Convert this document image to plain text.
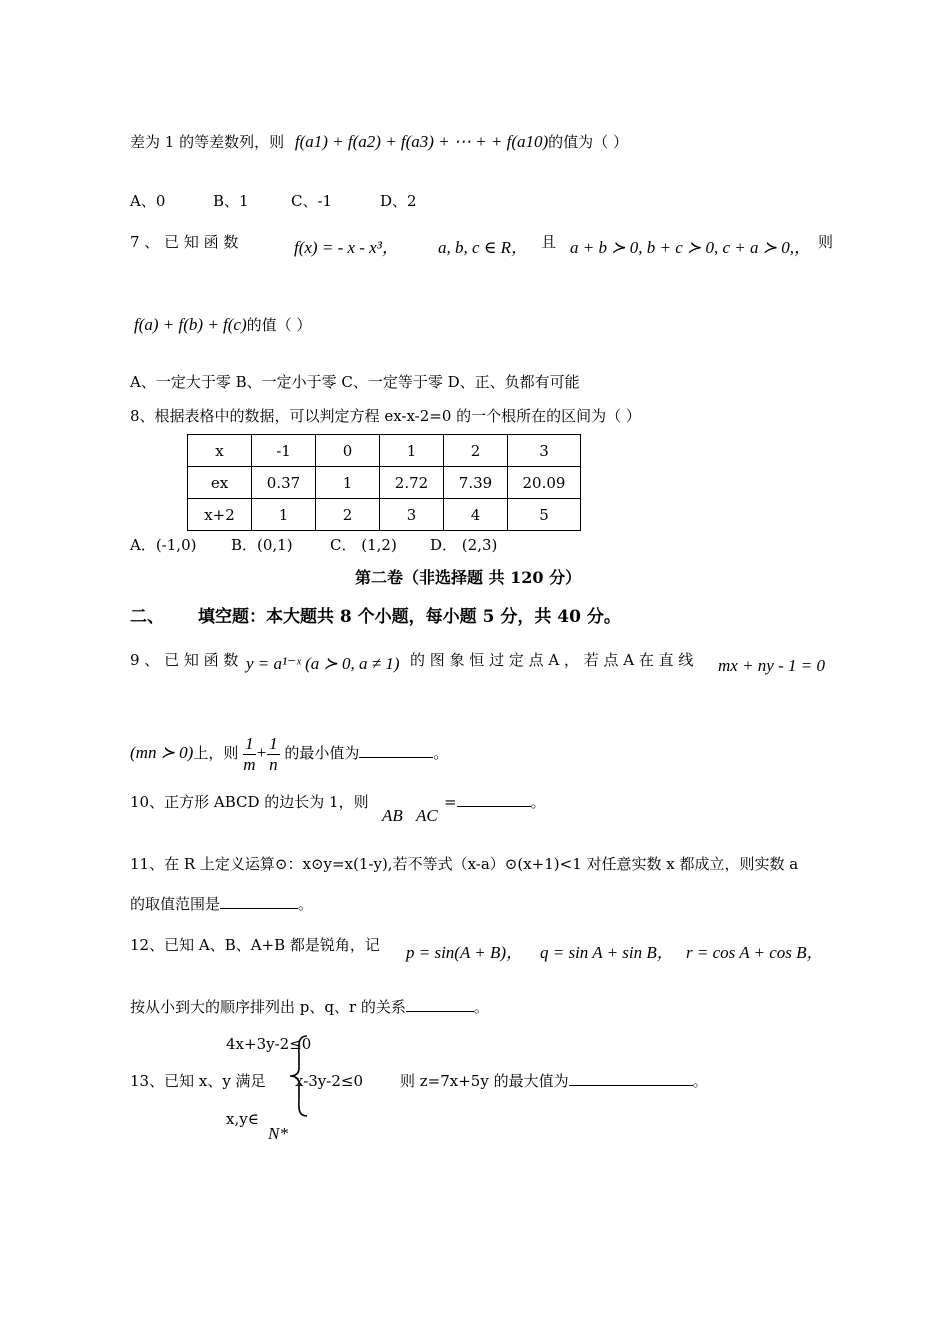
差为 1 的等差数列，则 f(a1) + f(a2) + f(a3) + ⋯ + + f(a10)的值为（ ）
A、0	B、1	C、-1	D、2
7 、 已 知 函 数	f(x) = - x - x³， a, b, c ∈ R， 且 a + b ≻ 0, b + c ≻ 0, c + a ≻ 0,， 则
f(a) + f(b) + f(c)的值（ ）
A、一定大于零 B、一定小于零 C、一定等于零 D、正、负都有可能
8、根据表格中的数据，可以判定方程 ex-x-2=0 的一个根所在的区间为（ ）
x	-1	0	1	2	3
ex	0.37	1	2.72	7.39	20.09
x+2	1	2	3	4	5
A．(-1,0) B．(0,1) C． (1,2) D． (2,3)
第二卷（非选择题 共 120 分）
二、 填空题：本大题共 8 个小题，每小题 5 分，共 40 分。
9 、 已 知 函 数 y = a¹⁻ˣ (a ≻ 0, a ≠ 1) 的 图 象 恒 过 定 点 A ， 若 点 A 在 直 线 mx + ny - 1 = 0
(mn ≻ 0)上，则 $\frac{1}{m} + \frac{1}{n}$ 的最小值为	。
10、正方形 ABCD 的边长为 1，则
AB⃞AC
=	。
11、在 R 上定义运算⊙：x⊙y=x(1-y),若不等式（x-a）⊙(x+1)<1 对任意实数 x 都成立，则实数 a
的取值范围是	。
12、已知 A、B、A+B 都是锐角，记 p = sin(A + B)， q = sin A + sin B， r = cos A + cos B，
按从小到大的顺序排列出 p、q、r 的关系	。
4x+3y-2≤0
13、已知 x、y 满足 x-3y-2≤0 则 z=7x+5y 的最大值为	。
x,y∈
N*
